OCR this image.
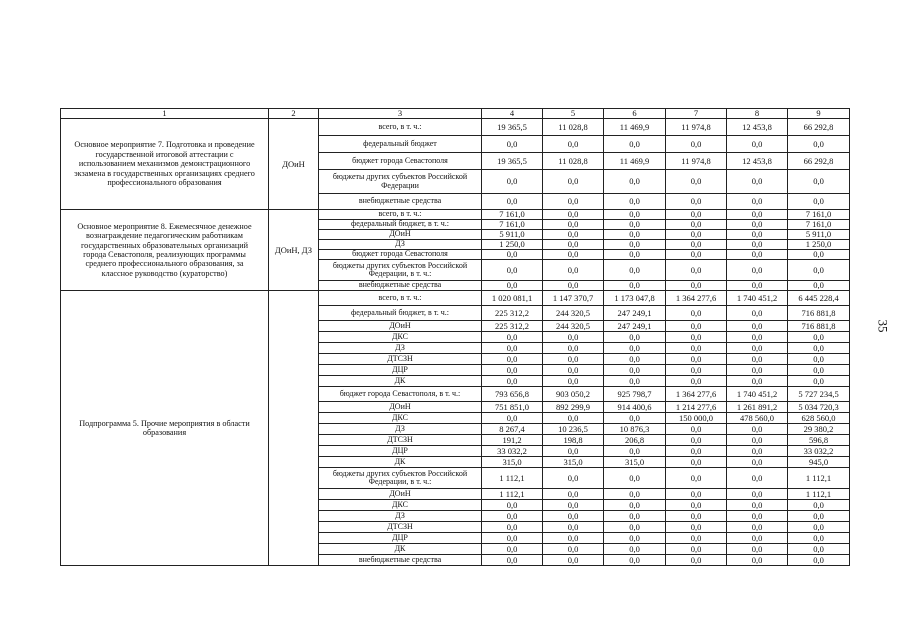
1	2	3	4	5	6	7	8	9
Основное мероприятие 7. Подготовка и проведение государственной итоговой аттестации с использованием механизмов демонстрационного экзамена в государственных организациях среднего профессионального образования	ДОиН	всего, в т. ч.:	19 365,5	11 028,8	11 469,9	11 974,8	12 453,8	66 292,8
		федеральный бюджет	0,0	0,0	0,0	0,0	0,0	0,0
		бюджет города Севастополя	19 365,5	11 028,8	11 469,9	11 974,8	12 453,8	66 292,8
		бюджеты других субъектов Российской Федерации	0,0	0,0	0,0	0,0	0,0	0,0
		внебюджетные средства	0,0	0,0	0,0	0,0	0,0	0,0
Основное мероприятие 8. Ежемесячное денежное вознаграждение педагогическим работникам государственных образовательных организаций города Севастополя, реализующих программы среднего профессионального образования, за классное руководство (кураторство)	ДОиН, ДЗ	всего, в т. ч.:	7 161,0	0,0	0,0	0,0	0,0	7 161,0
		федеральный бюджет, в т. ч.:	7 161,0	0,0	0,0	0,0	0,0	7 161,0
		ДОиН	5 911,0	0,0	0,0	0,0	0,0	5 911,0
		ДЗ	1 250,0	0,0	0,0	0,0	0,0	1 250,0
		бюджет города Севастополя	0,0	0,0	0,0	0,0	0,0	0,0
		бюджеты других субъектов Российской Федерации, в т. ч.:	0,0	0,0	0,0	0,0	0,0	0,0
		внебюджетные средства	0,0	0,0	0,0	0,0	0,0	0,0
Подпрограмма 5. Прочие мероприятия в области образования		всего, в т. ч.:	1 020 081,1	1 147 370,7	1 173 047,8	1 364 277,6	1 740 451,2	6 445 228,4
		федеральный бюджет, в т. ч.:	225 312,2	244 320,5	247 249,1	0,0	0,0	716 881,8
		ДОиН	225 312,2	244 320,5	247 249,1	0,0	0,0	716 881,8
		ДКС	0,0	0,0	0,0	0,0	0,0	0,0
		ДЗ	0,0	0,0	0,0	0,0	0,0	0,0
		ДТСЗН	0,0	0,0	0,0	0,0	0,0	0,0
		ДЦР	0,0	0,0	0,0	0,0	0,0	0,0
		ДК	0,0	0,0	0,0	0,0	0,0	0,0
		бюджет города Севастополя, в т. ч.:	793 656,8	903 050,2	925 798,7	1 364 277,6	1 740 451,2	5 727 234,5
		ДОиН	751 851,0	892 299,9	914 400,6	1 214 277,6	1 261 891,2	5 034 720,3
		ДКС	0,0	0,0	0,0	150 000,0	478 560,0	628 560,0
		ДЗ	8 267,4	10 236,5	10 876,3	0,0	0,0	29 380,2
		ДТСЗН	191,2	198,8	206,8	0,0	0,0	596,8
		ДЦР	33 032,2	0,0	0,0	0,0	0,0	33 032,2
		ДК	315,0	315,0	315,0	0,0	0,0	945,0
		бюджеты других субъектов Российской Федерации, в т. ч.:	1 112,1	0,0	0,0	0,0	0,0	1 112,1
		ДОиН	1 112,1	0,0	0,0	0,0	0,0	1 112,1
		ДКС	0,0	0,0	0,0	0,0	0,0	0,0
		ДЗ	0,0	0,0	0,0	0,0	0,0	0,0
		ДТСЗН	0,0	0,0	0,0	0,0	0,0	0,0
		ДЦР	0,0	0,0	0,0	0,0	0,0	0,0
		ДК	0,0	0,0	0,0	0,0	0,0	0,0
		внебюджетные средства	0,0	0,0	0,0	0,0	0,0	0,0
35
